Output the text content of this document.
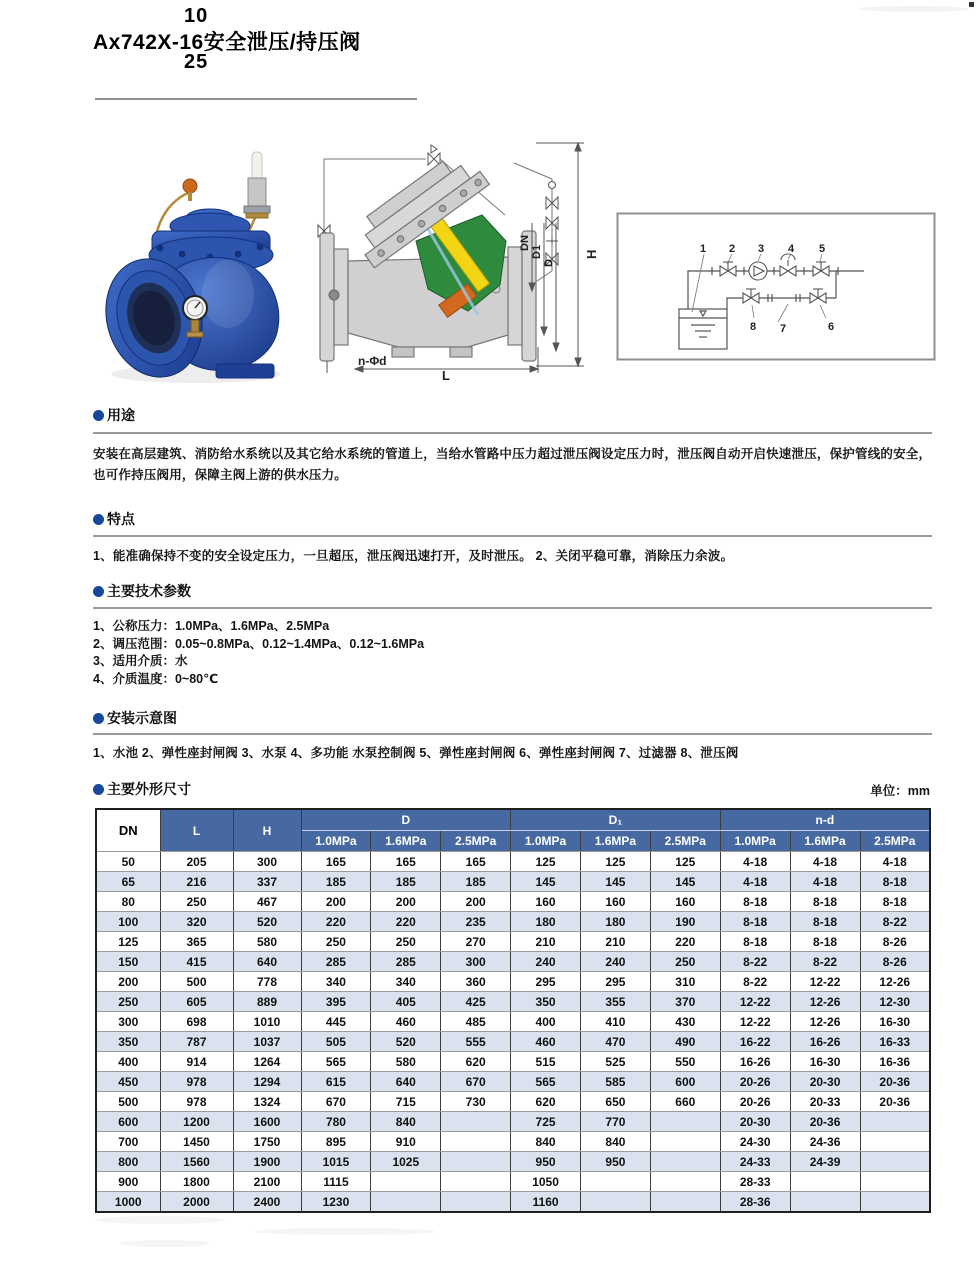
10
Ax742X-16安全泄压/持压阀
25
H
L
DN
D1
D
n-Φd
1 2 3 4 5
6
7
8
用途
安装在高层建筑、消防给水系统以及其它给水系统的管道上，当给水管路中压力超过泄压阀设定压力时，泄压阀自动开启快速泄压，保护管线的安全，也可作持压阀用，保障主阀上游的供水压力。
特点
1、能准确保持不变的安全设定压力，一旦超压，泄压阀迅速打开，及时泄压。 2、关闭平稳可靠，消除压力余波。
主要技术参数
1、公称压力：1.0MPa、1.6MPa、2.5MPa
2、调压范围：0.05~0.8MPa、0.12~1.4MPa、0.12~1.6MPa
3、适用介质：水
4、介质温度：0~80℃
安装示意图
1、水池 2、弹性座封闸阀 3、水泵 4、多功能 水泵控制阀 5、弹性座封闸阀 6、弹性座封闸阀 7、过滤器 8、泄压阀
主要外形尺寸	单位：mm
DN	L	H	D			D₁			n-d		
			1.0MPa	1.6MPa	2.5MPa	1.0MPa	1.6MPa	2.5MPa	1.0MPa	1.6MPa	2.5MPa
50	205	300	165	165	165	125	125	125	4-18	4-18	4-18
65	216	337	185	185	185	145	145	145	4-18	4-18	8-18
80	250	467	200	200	200	160	160	160	8-18	8-18	8-18
100	320	520	220	220	235	180	180	190	8-18	8-18	8-22
125	365	580	250	250	270	210	210	220	8-18	8-18	8-26
150	415	640	285	285	300	240	240	250	8-22	8-22	8-26
200	500	778	340	340	360	295	295	310	8-22	12-22	12-26
250	605	889	395	405	425	350	355	370	12-22	12-26	12-30
300	698	1010	445	460	485	400	410	430	12-22	12-26	16-30
350	787	1037	505	520	555	460	470	490	16-22	16-26	16-33
400	914	1264	565	580	620	515	525	550	16-26	16-30	16-36
450	978	1294	615	640	670	565	585	600	20-26	20-30	20-36
500	978	1324	670	715	730	620	650	660	20-26	20-33	20-36
600	1200	1600	780	840		725	770		20-30	20-36	
700	1450	1750	895	910		840	840		24-30	24-36	
800	1560	1900	1015	1025		950	950		24-33	24-39	
900	1800	2100	1115			1050			28-33		
1000	2000	2400	1230			1160			28-36		
